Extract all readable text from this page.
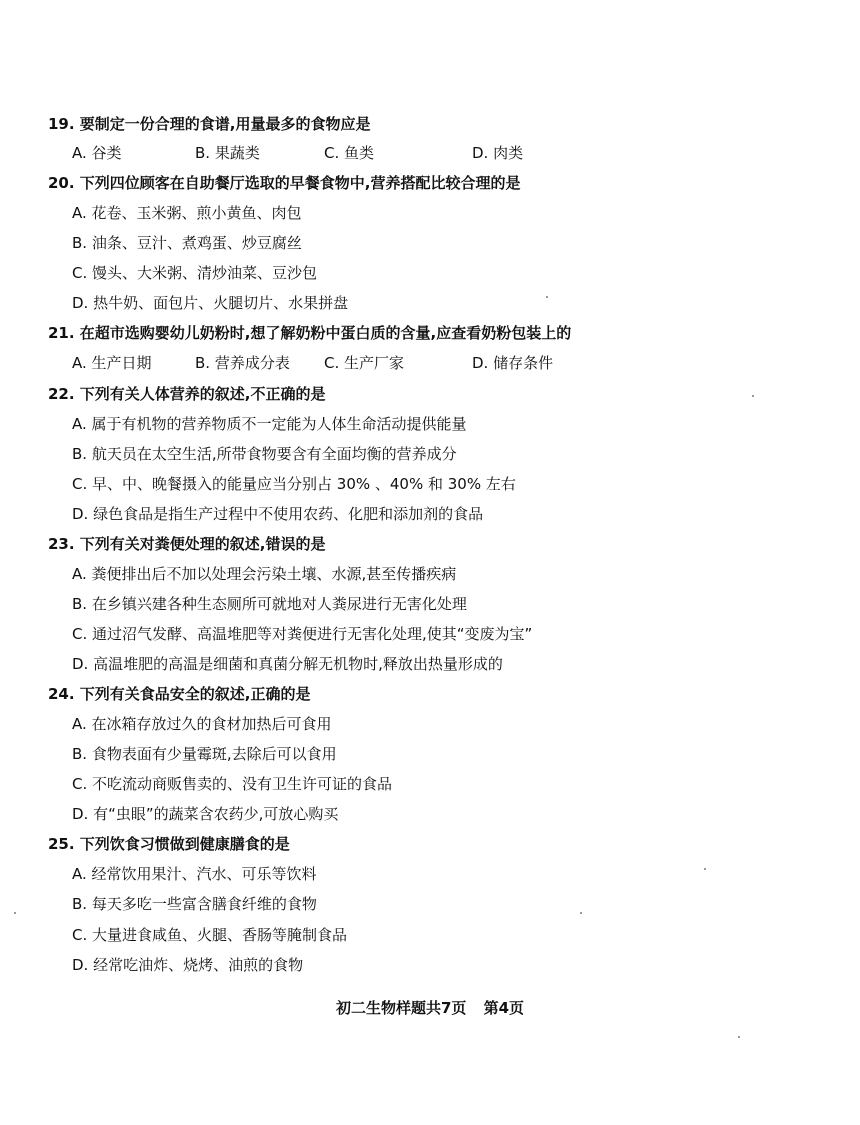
19. 要制定一份合理的食谱,用量最多的食物应是
A. 谷类	B. 果蔬类	C. 鱼类	D. 肉类
20. 下列四位顾客在自助餐厅选取的早餐食物中,营养搭配比较合理的是
A. 花卷、玉米粥、煎小黄鱼、肉包
B. 油条、豆汁、煮鸡蛋、炒豆腐丝
C. 馒头、大米粥、清炒油菜、豆沙包
D. 热牛奶、面包片、火腿切片、水果拼盘
21. 在超市选购婴幼儿奶粉时,想了解奶粉中蛋白质的含量,应查看奶粉包装上的
A. 生产日期	B. 营养成分表 C. 生产厂家	D. 储存条件
22. 下列有关人体营养的叙述,不正确的是
A. 属于有机物的营养物质不一定能为人体生命活动提供能量
B. 航天员在太空生活,所带食物要含有全面均衡的营养成分
C. 早、中、晚餐摄入的能量应当分别占 30% 、40% 和 30% 左右
D. 绿色食品是指生产过程中不使用农药、化肥和添加剂的食品
23. 下列有关对粪便处理的叙述,错误的是
A. 粪便排出后不加以处理会污染土壤、水源,甚至传播疾病
B. 在乡镇兴建各种生态厕所可就地对人粪尿进行无害化处理
C. 通过沼气发酵、高温堆肥等对粪便进行无害化处理,使其“变废为宝”
D. 高温堆肥的高温是细菌和真菌分解无机物时,释放出热量形成的
24. 下列有关食品安全的叙述,正确的是
A. 在冰箱存放过久的食材加热后可食用
B. 食物表面有少量霉斑,去除后可以食用
C. 不吃流动商贩售卖的、没有卫生许可证的食品
D. 有“虫眼”的蔬菜含农药少,可放心购买
25. 下列饮食习惯做到健康膳食的是
A. 经常饮用果汁、汽水、可乐等饮料
B. 每天多吃一些富含膳食纤维的食物
C. 大量进食咸鱼、火腿、香肠等腌制食品
D. 经常吃油炸、烧烤、油煎的食物
初二生物样题共7页 第4页
